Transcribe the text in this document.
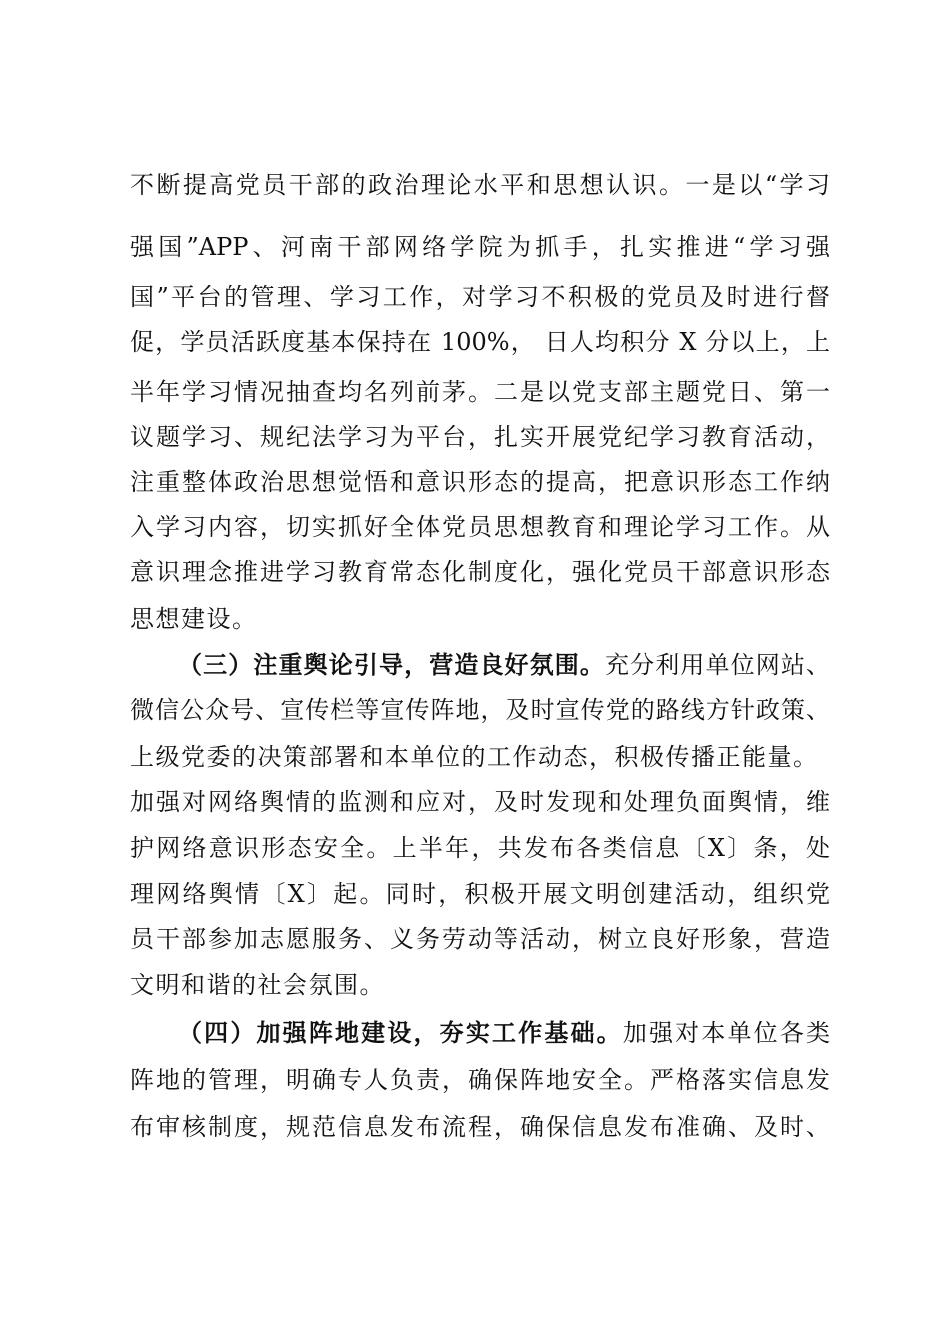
不断提高党员干部的政治理论水平和思想认识。一是以“学习
强国”APP、河南干部网络学院为抓手，扎实推进“学习强
国”平台的管理、学习工作，对学习不积极的党员及时进行督
促，学员活跃度基本保持在 100%， 日人均积分 X 分以上，上
半年学习情况抽查均名列前茅。二是以党支部主题党日、第一
议题学习、规纪法学习为平台，扎实开展党纪学习教育活动，
注重整体政治思想觉悟和意识形态的提高，把意识形态工作纳
入学习内容，切实抓好全体党员思想教育和理论学习工作。从
意识理念推进学习教育常态化制度化，强化党员干部意识形态
思想建设。
（三）注重舆论引导，营造良好氛围。充分利用单位网站、
微信公众号、宣传栏等宣传阵地，及时宣传党的路线方针政策、
上级党委的决策部署和本单位的工作动态，积极传播正能量。
加强对网络舆情的监测和应对，及时发现和处理负面舆情，维
护网络意识形态安全。上半年，共发布各类信息〔X〕条，处
理网络舆情〔X〕起。同时，积极开展文明创建活动，组织党
员干部参加志愿服务、义务劳动等活动，树立良好形象，营造
文明和谐的社会氛围。
（四）加强阵地建设，夯实工作基础。加强对本单位各类
阵地的管理，明确专人负责，确保阵地安全。严格落实信息发
布审核制度，规范信息发布流程，确保信息发布准确、及时、
